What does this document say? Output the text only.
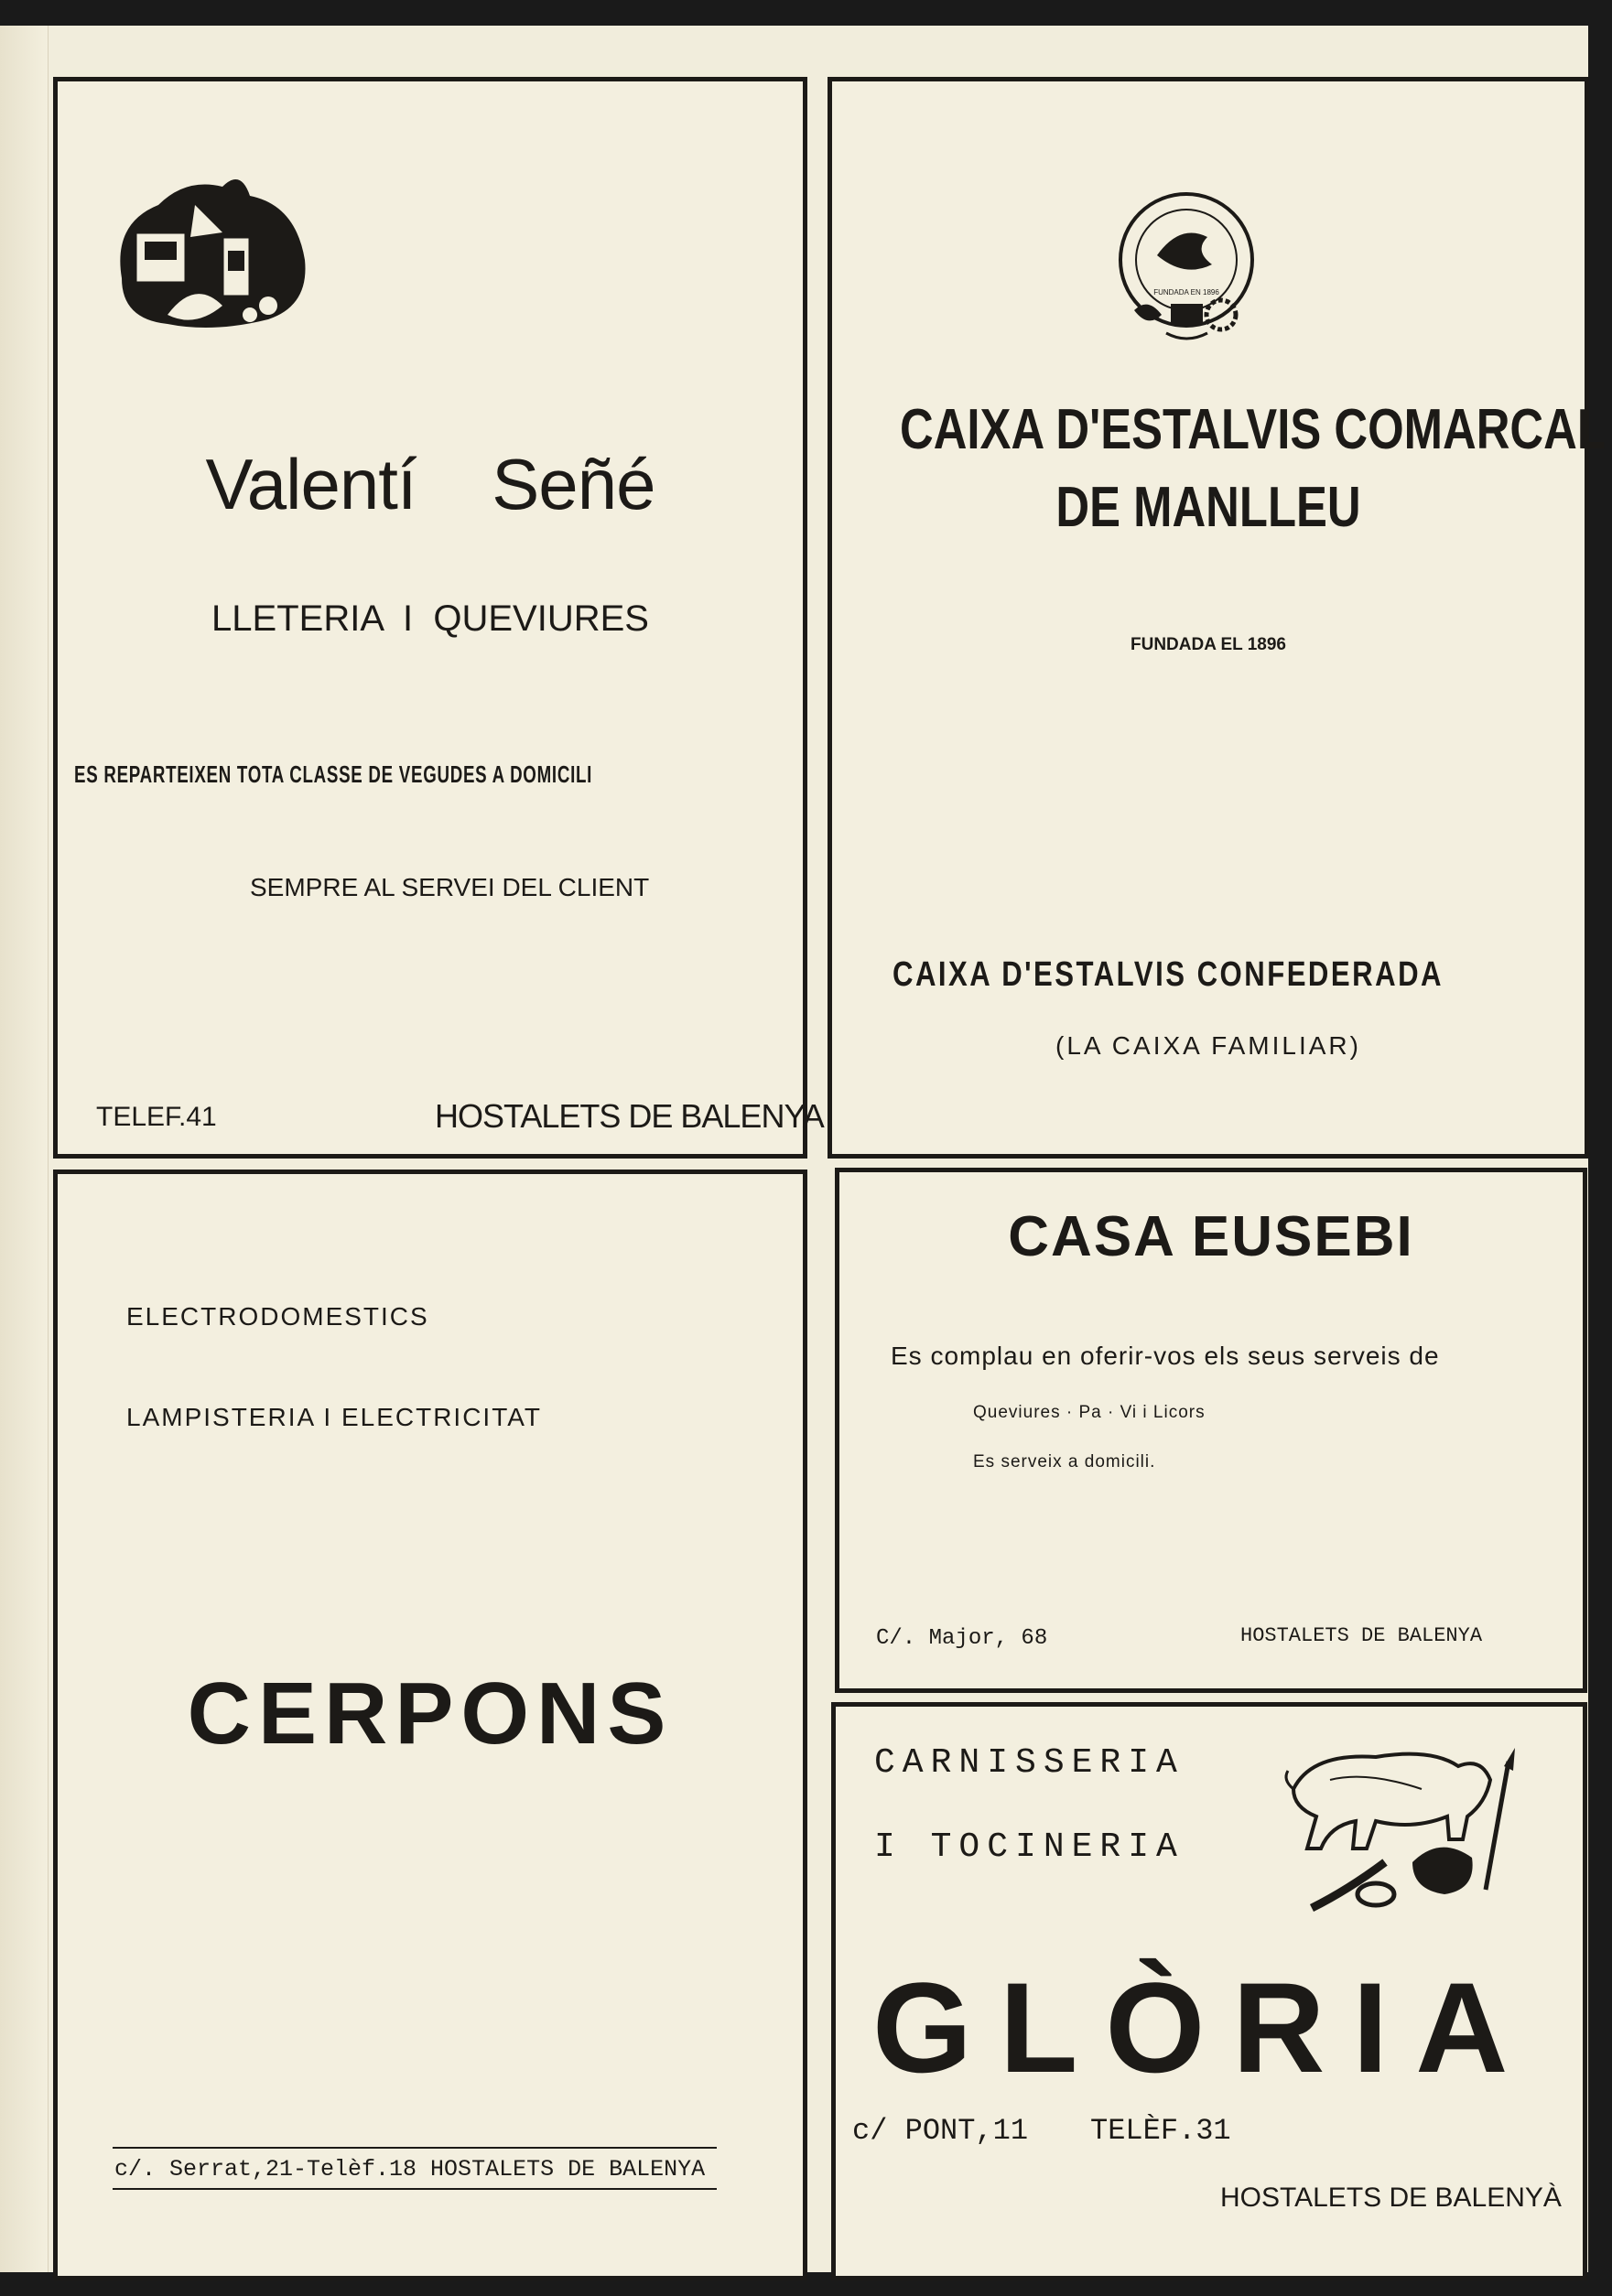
Valentí    Señé
LLETERIA  I  QUEVIURES
ES REPARTEIXEN TOTA CLASSE DE VEGUDES A DOMICILI
SEMPRE AL SERVEI DEL CLIENT
TELEF.41	HOSTALETS DE BALENYA
FUNDADA EN 1896
CAIXA D'ESTALVIS COMARCAL
DE MANLLEU
FUNDADA EL 1896
CAIXA D'ESTALVIS CONFEDERADA
(LA CAIXA FAMILIAR)
ELECTRODOMESTICS
LAMPISTERIA I ELECTRICITAT
CERPONS
c/. Serrat,21-Telèf.18 HOSTALETS DE BALENYA
CASA EUSEBI
Es complau en oferir-vos els seus serveis de
Queviures · Pa · Vi i Licors
Es serveix a domicili.
C/. Major, 68	HOSTALETS DE BALENYA
CARNISSERIA
I TOCINERIA
GLÒRIA
c/ PONT,11 TELÈF.31
HOSTALETS DE BALENYÀ
